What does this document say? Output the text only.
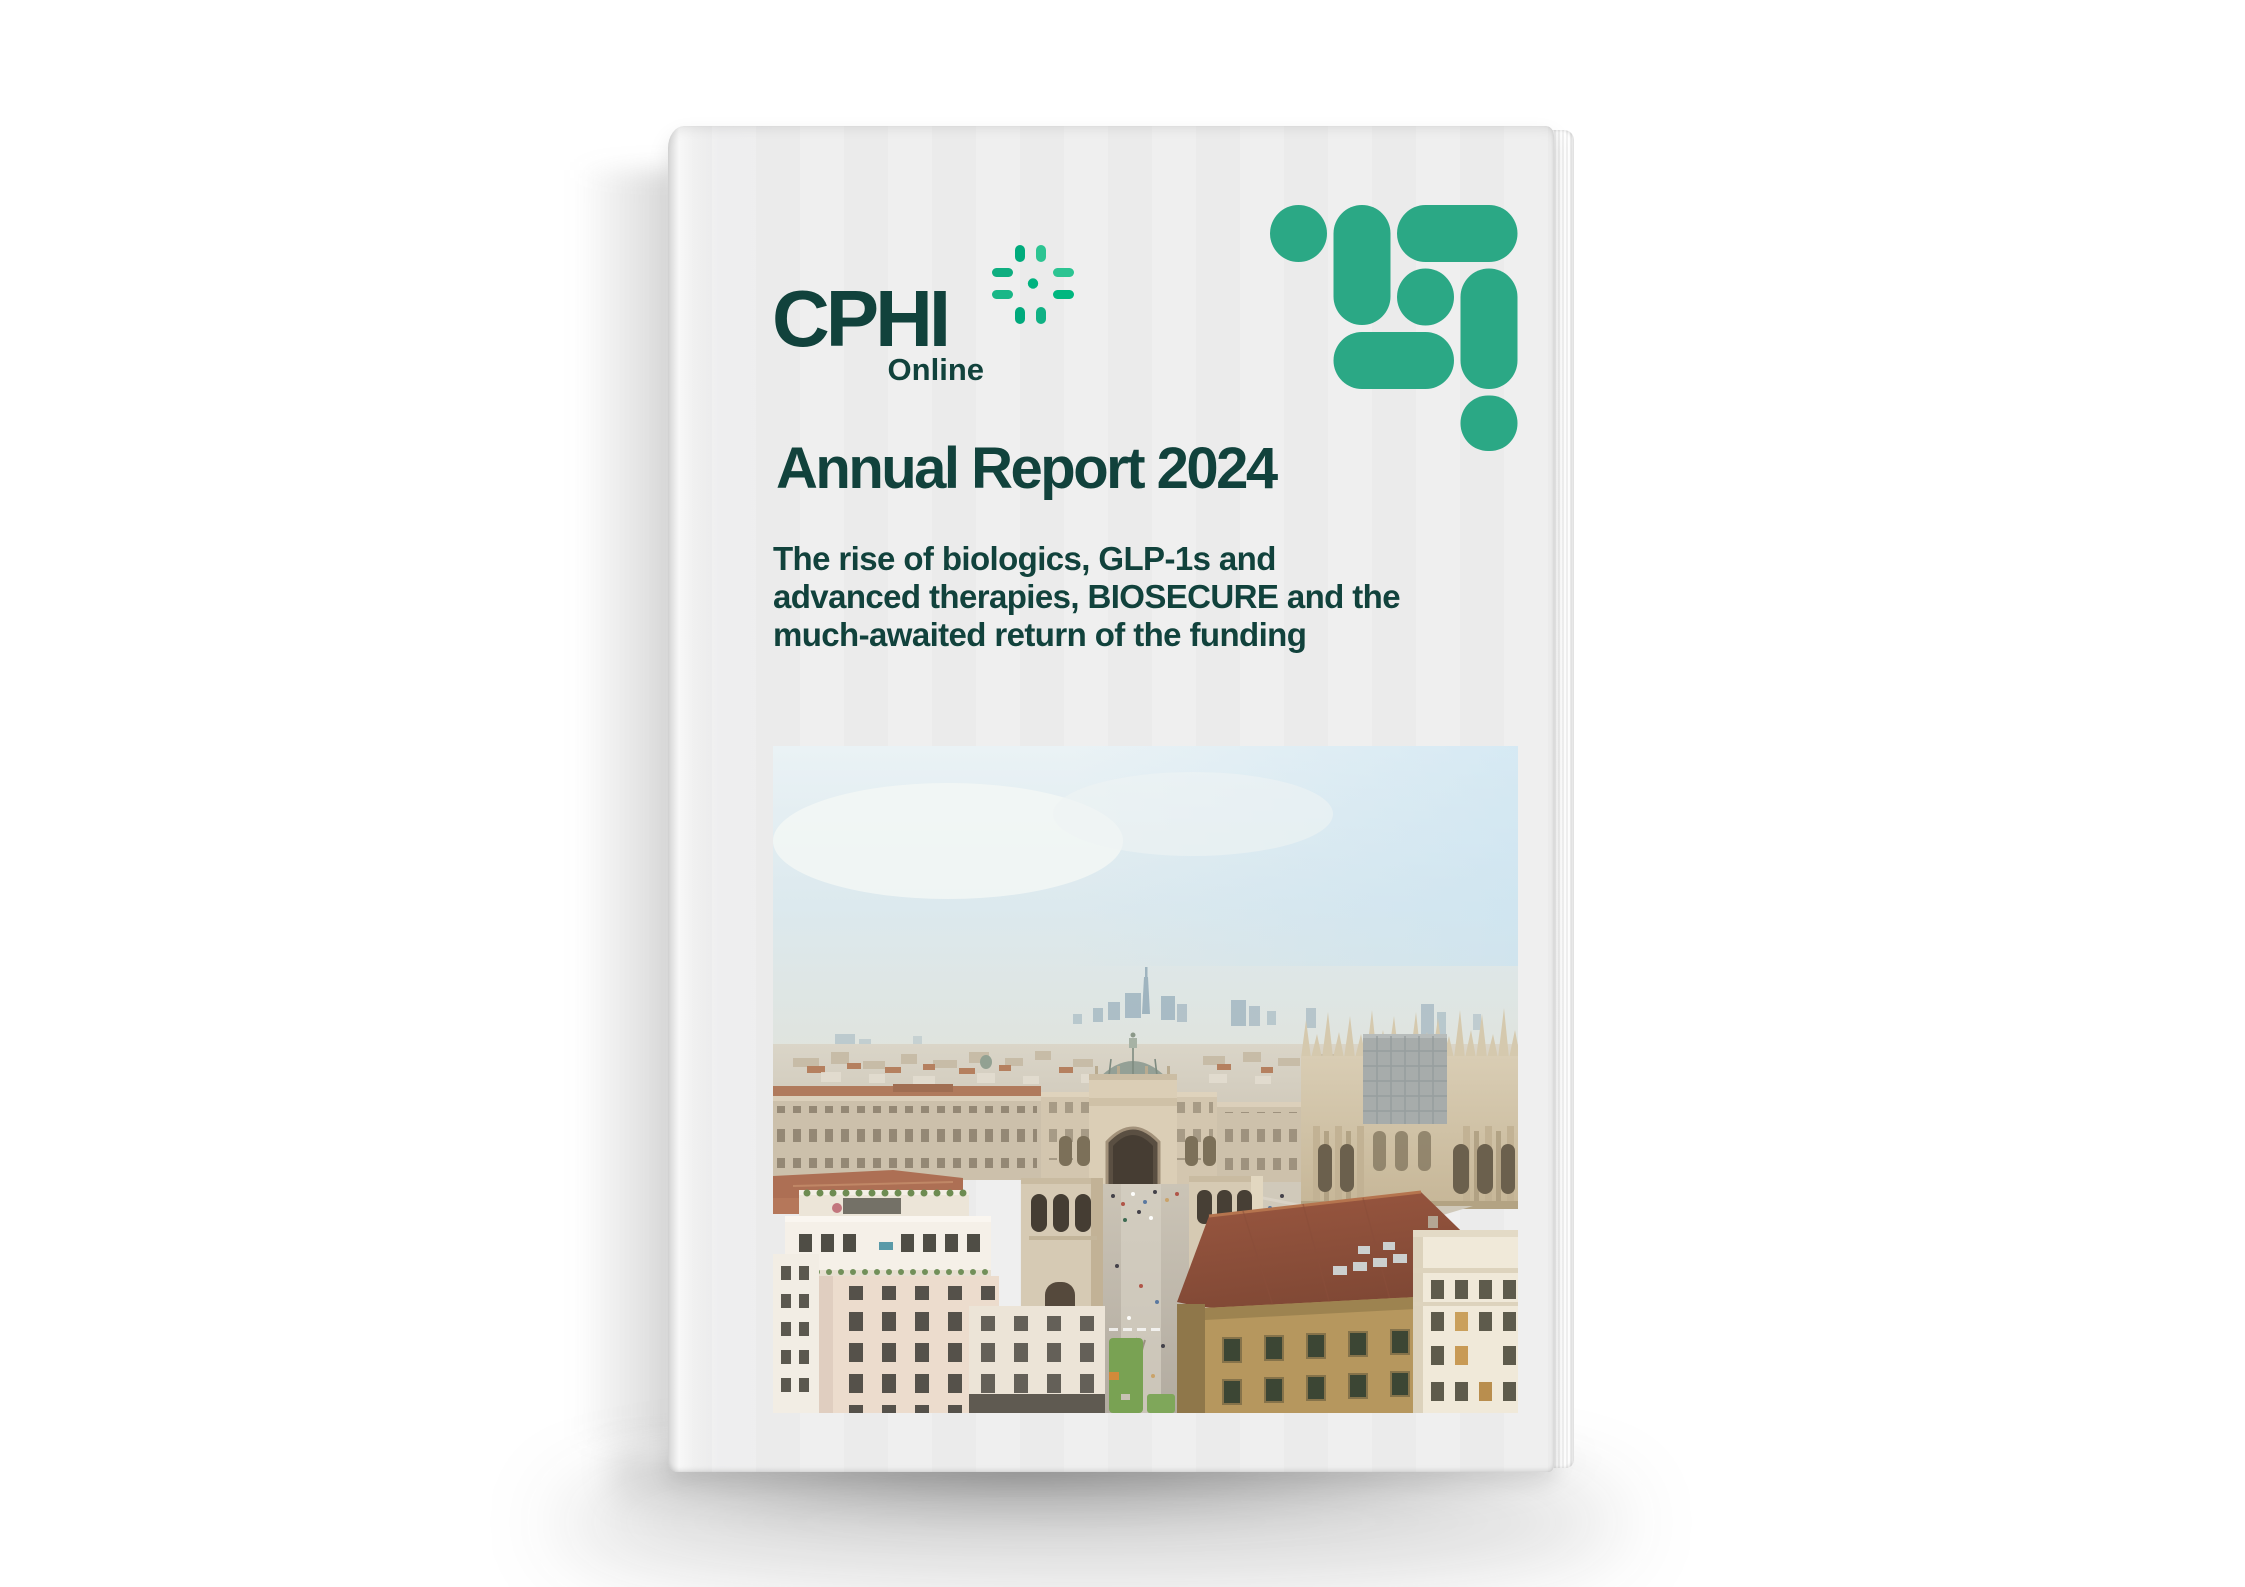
CPHI
Online
Annual Report 2024
The rise of biologics, GLP-1s and
advanced therapies, BIOSECURE and the
much-awaited return of the funding
